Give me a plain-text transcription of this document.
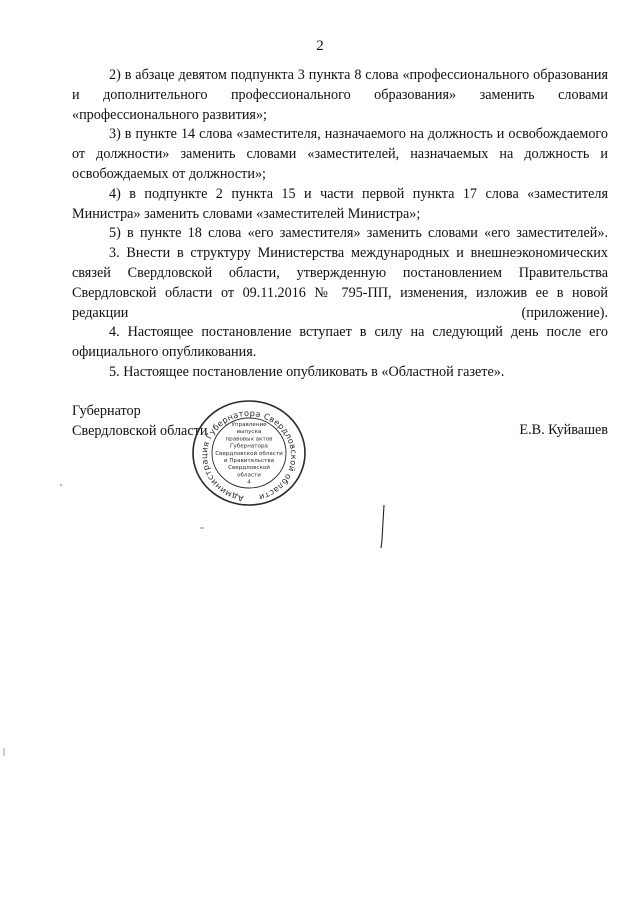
2

2) в абзаце девятом подпункта 3 пункта 8 слова «профессионального образования и дополнительного профессионального образования» заменить словами «профессионального развития»;

3) в пункте 14 слова «заместителя, назначаемого на должность и освобождаемого от должности» заменить словами «заместителей, назначаемых на должность и освобождаемых от должности»;

4) в подпункте 2 пункта 15 и части первой пункта 17 слова «заместителя Министра» заменить словами «заместителей Министра»;

5) в пункте 18 слова «его заместителя» заменить словами «его заместителей».

3. Внести в структуру Министерства международных и внешнеэкономических связей Свердловской области, утвержденную постановлением Правительства Свердловской области от 09.11.2016 № 795-ПП, изменения, изложив ее в новой редакции (приложение).

4. Настоящее постановление вступает в силу на следующий день после его официального опубликования.

5. Настоящее постановление опубликовать в «Областной газете».

Губернатор
Свердловской области	Е.В. Куйвашев
Администрация Губернатора Свердловской области
Управление
выпуска
правовых актов
Губернатора
Свердловской области
и Правительства
Свердловской
области
4
